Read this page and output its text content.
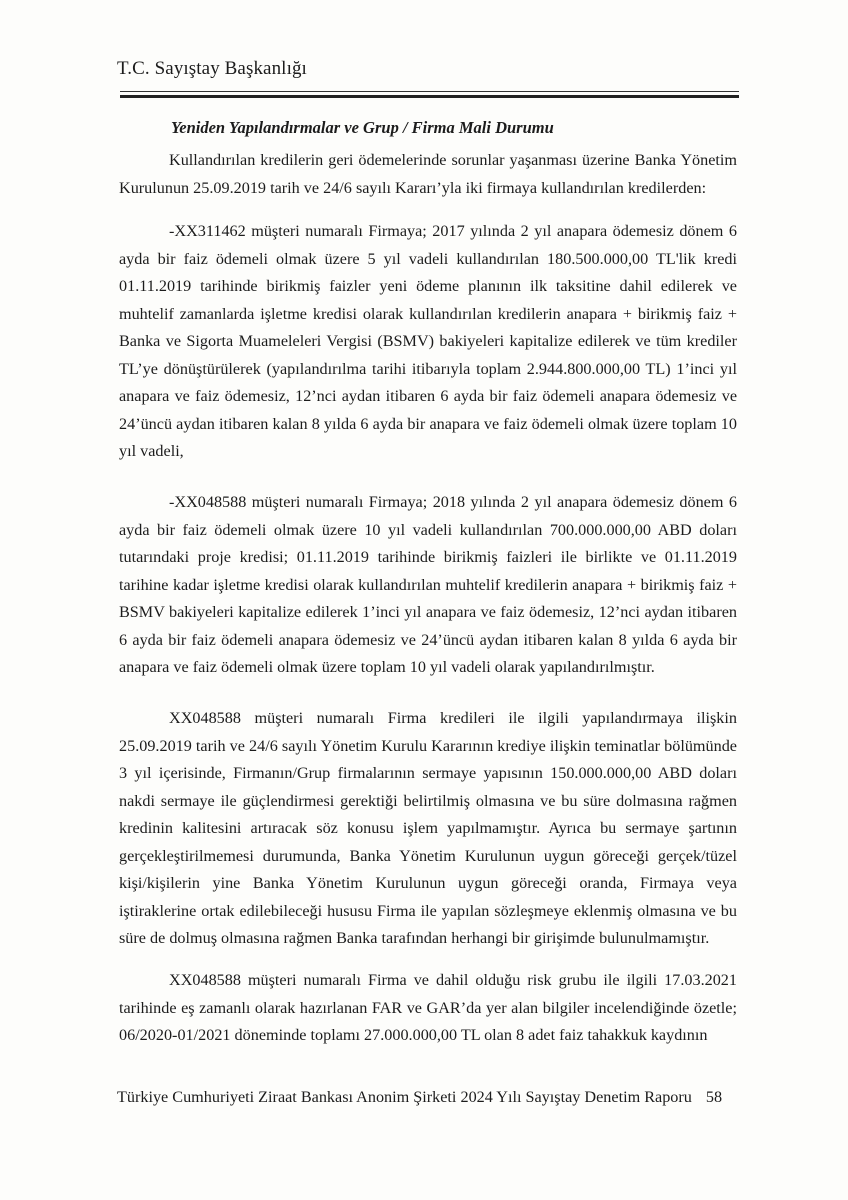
T.C. Sayıştay Başkanlığı
Yeniden Yapılandırmalar ve Grup / Firma Mali Durumu

Kullandırılan kredilerin geri ödemelerinde sorunlar yaşanması üzerine Banka Yönetim Kurulunun 25.09.2019 tarih ve 24/6 sayılı Kararı’yla iki firmaya kullandırılan kredilerden:

-XX311462 müşteri numaralı Firmaya; 2017 yılında 2 yıl anapara ödemesiz dönem 6 ayda bir faiz ödemeli olmak üzere 5 yıl vadeli kullandırılan 180.500.000,00 TL'lik kredi 01.11.2019 tarihinde birikmiş faizler yeni ödeme planının ilk taksitine dahil edilerek ve muhtelif zamanlarda işletme kredisi olarak kullandırılan kredilerin anapara + birikmiş faiz + Banka ve Sigorta Muameleleri Vergisi (BSMV) bakiyeleri kapitalize edilerek ve tüm krediler TL’ye dönüştürülerek (yapılandırılma tarihi itibarıyla toplam 2.944.800.000,00 TL) 1’inci yıl anapara ve faiz ödemesiz, 12’nci aydan itibaren 6 ayda bir faiz ödemeli anapara ödemesiz ve 24’üncü aydan itibaren kalan 8 yılda 6 ayda bir anapara ve faiz ödemeli olmak üzere toplam 10 yıl vadeli,

-XX048588 müşteri numaralı Firmaya; 2018 yılında 2 yıl anapara ödemesiz dönem 6 ayda bir faiz ödemeli olmak üzere 10 yıl vadeli kullandırılan 700.000.000,00 ABD doları tutarındaki proje kredisi; 01.11.2019 tarihinde birikmiş faizleri ile birlikte ve 01.11.2019 tarihine kadar işletme kredisi olarak kullandırılan muhtelif kredilerin anapara + birikmiş faiz + BSMV bakiyeleri kapitalize edilerek 1’inci yıl anapara ve faiz ödemesiz, 12’nci aydan itibaren 6 ayda bir faiz ödemeli anapara ödemesiz ve 24’üncü aydan itibaren kalan 8 yılda 6 ayda bir anapara ve faiz ödemeli olmak üzere toplam 10 yıl vadeli olarak yapılandırılmıştır.

XX048588 müşteri numaralı Firma kredileri ile ilgili yapılandırmaya ilişkin 25.09.2019 tarih ve 24/6 sayılı Yönetim Kurulu Kararının krediye ilişkin teminatlar bölümünde 3 yıl içerisinde, Firmanın/Grup firmalarının sermaye yapısının 150.000.000,00 ABD doları nakdi sermaye ile güçlendirmesi gerektiği belirtilmiş olmasına ve bu süre dolmasına rağmen kredinin kalitesini artıracak söz konusu işlem yapılmamıştır. Ayrıca bu sermaye şartının gerçekleştirilmemesi durumunda, Banka Yönetim Kurulunun uygun göreceği gerçek/tüzel kişi/kişilerin yine Banka Yönetim Kurulunun uygun göreceği oranda, Firmaya veya iştiraklerine ortak edilebileceği hususu Firma ile yapılan sözleşmeye eklenmiş olmasına ve bu süre de dolmuş olmasına rağmen Banka tarafından herhangi bir girişimde bulunulmamıştır.

XX048588 müşteri numaralı Firma ve dahil olduğu risk grubu ile ilgili 17.03.2021 tarihinde eş zamanlı olarak hazırlanan FAR ve GAR’da yer alan bilgiler incelendiğinde özetle; 06/2020-01/2021 döneminde toplamı 27.000.000,00 TL olan 8 adet faiz tahakkuk kaydının

Türkiye Cumhuriyeti Ziraat Bankası Anonim Şirketi 2024 Yılı Sayıştay Denetim Raporu 58
